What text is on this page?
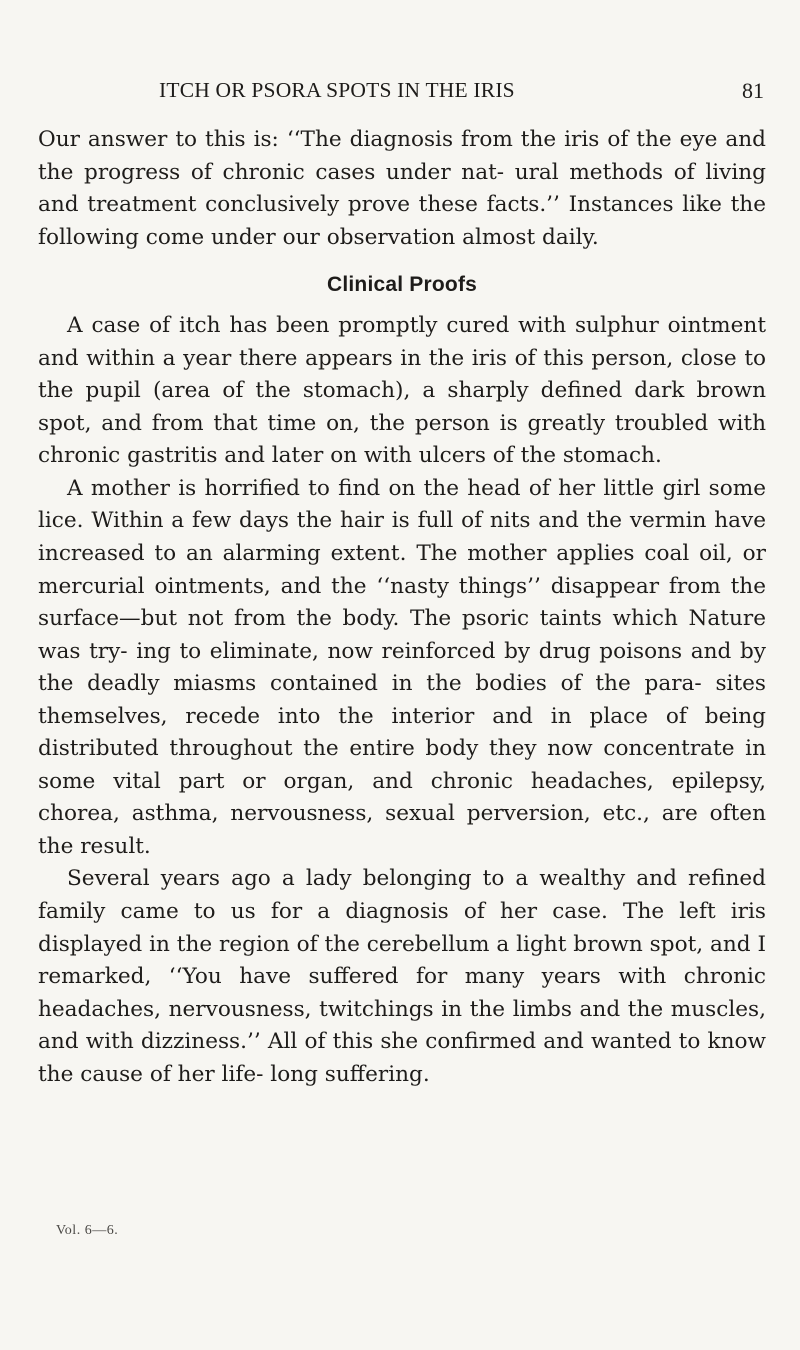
ITCH OR PSORA SPOTS IN THE IRIS	81

Our answer to this is: ‘‘The diagnosis from the iris of the eye and the progress of chronic cases under nat- ural methods of living and treatment conclusively prove these facts.’’ Instances like the following come under our observation almost daily.

Clinical Proofs

A case of itch has been promptly cured with sulphur ointment and within a year there appears in the iris of this person, close to the pupil (area of the stomach), a sharply defined dark brown spot, and from that time on, the person is greatly troubled with chronic gastritis and later on with ulcers of the stomach.

A mother is horrified to find on the head of her little girl some lice. Within a few days the hair is full of nits and the vermin have increased to an alarming extent. The mother applies coal oil, or mercurial ointments, and the ‘‘nasty things’’ disappear from the surface—but not from the body. The psoric taints which Nature was try- ing to eliminate, now reinforced by drug poisons and by the deadly miasms contained in the bodies of the para- sites themselves, recede into the interior and in place of being distributed throughout the entire body they now concentrate in some vital part or organ, and chronic headaches, epilepsy, chorea, asthma, nervousness, sexual perversion, etc., are often the result.

Several years ago a lady belonging to a wealthy and refined family came to us for a diagnosis of her case. The left iris displayed in the region of the cerebellum a light brown spot, and I remarked, ‘‘You have suffered for many years with chronic headaches, nervousness, twitchings in the limbs and the muscles, and with dizziness.’’ All of this she confirmed and wanted to know the cause of her life- long suffering.

Vol. 6—6.
